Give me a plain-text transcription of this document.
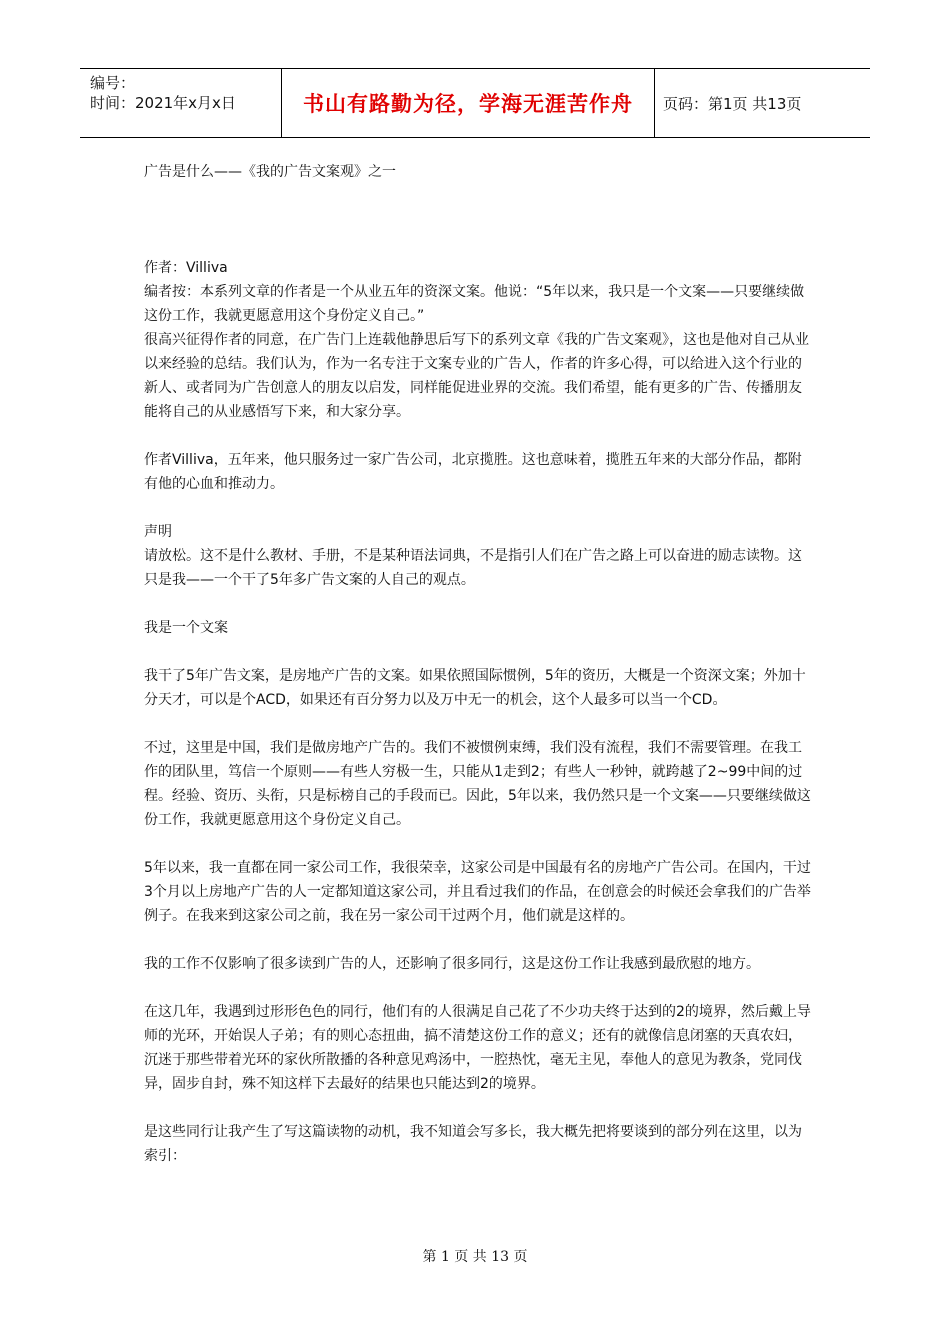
编号：
时间：2021年x月x日	书山有路勤为径，学海无涯苦作舟	页码：第1页 共13页

广告是什么——《我的广告文案观》之一

作者：Villiva

编者按：本系列文章的作者是一个从业五年的资深文案。他说：“5年以来，我只是一个文案——只要继续做这份工作，我就更愿意用这个身份定义自己。”

很高兴征得作者的同意，在广告门上连载他静思后写下的系列文章《我的广告文案观》，这也是他对自己从业以来经验的总结。我们认为，作为一名专注于文案专业的广告人，作者的许多心得，可以给进入这个行业的新人、或者同为广告创意人的朋友以启发，同样能促进业界的交流。我们希望，能有更多的广告、传播朋友能将自己的从业感悟写下来，和大家分享。

作者Villiva，五年来，他只服务过一家广告公司，北京揽胜。这也意味着，揽胜五年来的大部分作品，都附有他的心血和推动力。

声明

请放松。这不是什么教材、手册，不是某种语法词典，不是指引人们在广告之路上可以奋进的励志读物。这只是我——一个干了5年多广告文案的人自己的观点。

我是一个文案

我干了5年广告文案，是房地产广告的文案。如果依照国际惯例，5年的资历，大概是一个资深文案；外加十分天才，可以是个ACD，如果还有百分努力以及万中无一的机会，这个人最多可以当一个CD。

不过，这里是中国，我们是做房地产广告的。我们不被惯例束缚，我们没有流程，我们不需要管理。在我工作的团队里，笃信一个原则——有些人穷极一生，只能从1走到2；有些人一秒钟，就跨越了2~99中间的过程。经验、资历、头衔，只是标榜自己的手段而已。因此，5年以来，我仍然只是一个文案——只要继续做这份工作，我就更愿意用这个身份定义自己。

5年以来，我一直都在同一家公司工作，我很荣幸，这家公司是中国最有名的房地产广告公司。在国内，干过3个月以上房地产广告的人一定都知道这家公司，并且看过我们的作品，在创意会的时候还会拿我们的广告举例子。在我来到这家公司之前，我在另一家公司干过两个月，他们就是这样的。

我的工作不仅影响了很多读到广告的人，还影响了很多同行，这是这份工作让我感到最欣慰的地方。

在这几年，我遇到过形形色色的同行，他们有的人很满足自己花了不少功夫终于达到的2的境界，然后戴上导师的光环，开始误人子弟；有的则心态扭曲，搞不清楚这份工作的意义；还有的就像信息闭塞的天真农妇，沉迷于那些带着光环的家伙所散播的各种意见鸡汤中，一腔热忱，毫无主见，奉他人的意见为教条，党同伐异，固步自封，殊不知这样下去最好的结果也只能达到2的境界。

是这些同行让我产生了写这篇读物的动机，我不知道会写多长，我大概先把将要谈到的部分列在这里，以为索引：

第 1 页 共 13 页
